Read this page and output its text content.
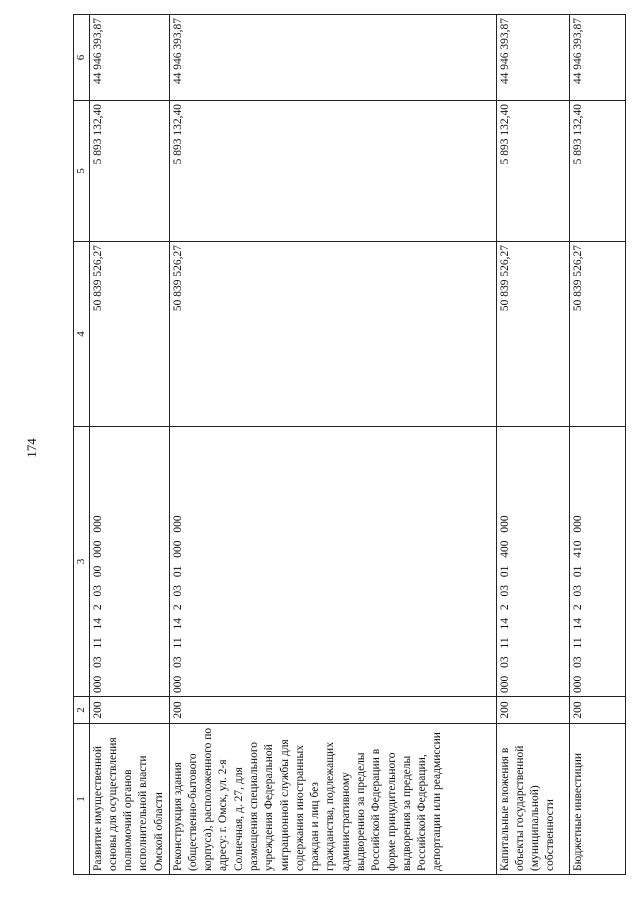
174
1	2	3	4	5	6
Развитие имущественной основы для осуществления полномочий органов исполнительной власти Омской области	200	000 03 11 14 2 03 00 000 000	50 839 526,27	5 893 132,40	44 946 393,87
Реконструкция здания (общественно-бытового корпуса), расположенного по адресу: г. Омск, ул. 2-я Солнечная, д. 27, для размещения специального учреждения Федеральной миграционной службы для содержания иностранных граждан и лиц без гражданства, подлежащих административному выдворению за пределы Российской Федерации в форме принудительного выдворения за пределы Российской Федерации, депортации или реадмиссии	200	000 03 11 14 2 03 01 000 000	50 839 526,27	5 893 132,40	44 946 393,87
Капитальные вложения в объекты государственной (муниципальной) собственности	200	000 03 11 14 2 03 01 400 000	50 839 526,27	5 893 132,40	44 946 393,87
Бюджетные инвестиции	200	000 03 11 14 2 03 01 410 000	50 839 526,27	5 893 132,40	44 946 393,87
